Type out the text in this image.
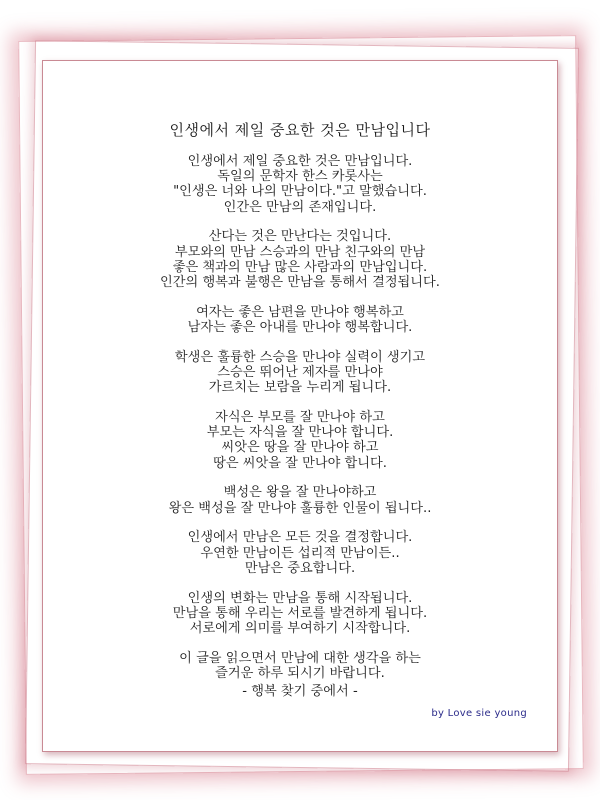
인생에서 제일 중요한 것은 만남입니다
인생에서 제일 중요한 것은 만남입니다.
독일의 문학자 한스 카롯사는
"인생은 너와 나의 만남이다."고 말했습니다.
인간은 만남의 존재입니다.
산다는 것은 만난다는 것입니다.
부모와의 만남 스승과의 만남 친구와의 만남
좋은 책과의 만남 많은 사람과의 만남입니다.
인간의 행복과 불행은 만남을 통해서 결정됩니다.
여자는 좋은 남편을 만나야 행복하고
남자는 좋은 아내를 만나야 행복합니다.
학생은 훌륭한 스승을 만나야 실력이 생기고
스승은 뛰어난 제자를 만나야
가르치는 보람을 누리게 됩니다.
자식은 부모를 잘 만나야 하고
부모는 자식을 잘 만나야 합니다.
씨앗은 땅을 잘 만나야 하고
땅은 씨앗을 잘 만나야 합니다.
백성은 왕을 잘 만나야하고
왕은 백성을 잘 만나야 훌륭한 인물이 됩니다..
인생에서 만남은 모든 것을 결정합니다.
우연한 만남이든 섭리적 만남이든..
만남은 중요합니다.
인생의 변화는 만남을 통해 시작됩니다.
만남을 통해 우리는 서로를 발견하게 됩니다.
서로에게 의미를 부여하기 시작합니다.
이 글을 읽으면서 만남에 대한 생각을 하는
즐거운 하루 되시기 바랍니다.
- 행복 찾기 중에서 -
by Love sie young
